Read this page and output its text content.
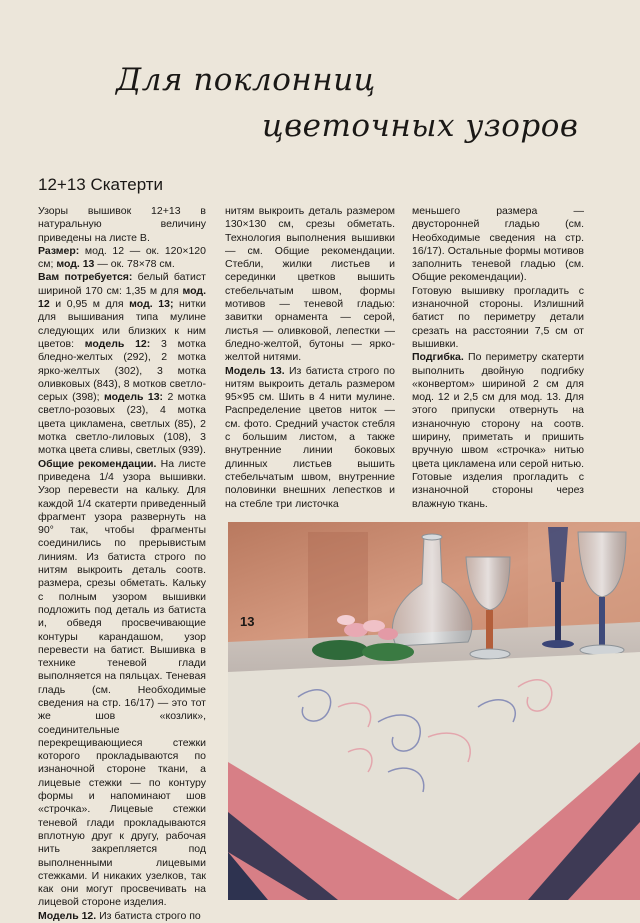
Для поклонниц
цветочных узоров
12+13 Скатерти

Узоры вышивок 12+13 в натуральную величину приведены на листе В.

Размер: мод. 12 — ок. 120×120 см; мод. 13 — ок. 78×78 см.

Вам потребуется: белый батист шириной 170 см: 1,35 м для мод. 12 и 0,95 м для мод. 13; нитки для вышивания типа мулине следующих или близких к ним цветов: модель 12: 3 мотка бледно-желтых (292), 2 мотка ярко-желтых (302), 3 мотка оливковых (843), 8 мотков светло-серых (398); модель 13: 2 мотка светло-розовых (23), 4 мотка цвета цикламена, светлых (85), 2 мотка светло-лиловых (108), 3 мотка цвета сливы, светлых (939).

Общие рекомендации. На листе приведена 1/4 узора вышивки. Узор перевести на кальку. Для каждой 1/4 скатерти приведенный фрагмент узора развернуть на 90° так, чтобы фрагменты соединились по прерывистым линиям. Из батиста строго по нитям выкроить деталь соотв. размера, срезы обметать. Кальку с полным узором вышивки подложить под деталь из батиста и, обведя просвечивающие контуры карандашом, узор перевести на батист. Вышивка в технике теневой глади выполняется на пяльцах. Теневая гладь (см. Необходимые сведения на стр. 16/17) — это тот же шов «козлик», соединительные перекрещивающиеся стежки которого прокладываются по изнаночной стороне ткани, а лицевые стежки — по контуру формы и напоминают шов «строчка». Лицевые стежки теневой глади прокладываются вплотную друг к другу, рабочая нить закрепляется под выполненными лицевыми стежками. И никаких узелков, так как они могут просвечивать на лицевой стороне изделия.

Модель 12. Из батиста строго по

нитям выкроить деталь размером 130×130 см, срезы обметать. Технология выполнения вышивки — см. Общие рекомендации. Стебли, жилки листьев и серединки цветков вышить стебельчатым швом, формы мотивов — теневой гладью: завитки орнамента — серой, листья — оливковой, лепестки — бледно-желтой, бутоны — ярко-желтой нитями.

Модель 13. Из батиста строго по нитям выкроить деталь размером 95×95 см. Шить в 4 нити мулине. Распределение цветов ниток — см. фото. Средний участок стебля с большим листом, а также внутренние линии боковых длинных листьев вышить стебельчатым швом, внутренние половинки внешних лепестков и на стебле три листочка

меньшего размера — двусторонней гладью (см. Необходимые сведения на стр. 16/17). Остальные формы мотивов заполнить теневой гладью (см. Общие рекомендации).

Готовую вышивку прогладить с изнаночной стороны. Излишний батист по периметру детали срезать на расстоянии 7,5 см от вышивки.

Подгибка. По периметру скатерти выполнить двойную подгибку «конвертом» шириной 2 см для мод. 12 и 2,5 см для мод. 13. Для этого припуски отвернуть на изнаночную сторону на соотв. ширину, приметать и пришить вручную швом «строчка» нитью цвета цикламена или серой нитью. Готовые изделия прогладить с изнаночной стороны через влажную ткань.

13
